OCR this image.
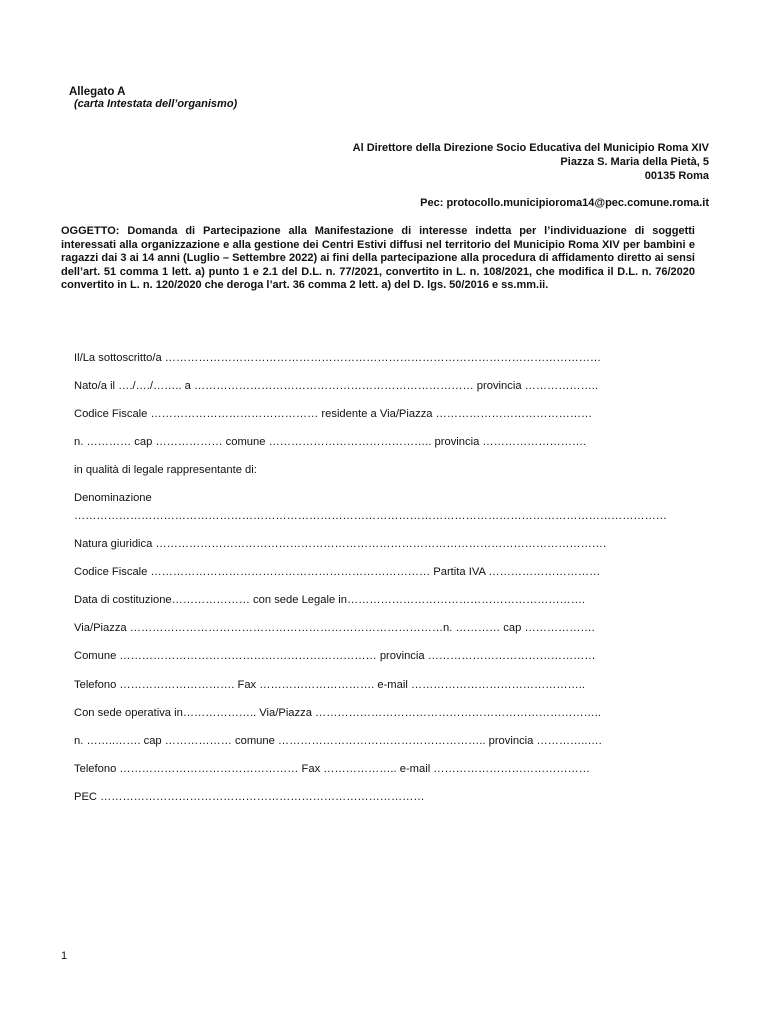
Allegato A
(carta Intestata dell’organismo)
Al Direttore della Direzione Socio Educativa del Municipio Roma XIV
Piazza S. Maria della Pietà, 5
00135 Roma
Pec: protocollo.municipioroma14@pec.comune.roma.it
OGGETTO: Domanda di Partecipazione alla Manifestazione di interesse indetta per l’individuazione di soggetti interessati alla organizzazione e alla gestione dei Centri Estivi diffusi nel territorio del Municipio Roma XIV per bambini e ragazzi dai 3 ai 14 anni (Luglio – Settembre 2022) ai fini della partecipazione alla procedura di affidamento diretto ai sensi dell’art. 51 comma 1 lett. a) punto 1 e 2.1 del D.L. n. 77/2021, convertito in L. n. 108/2021, che modifica il D.L. n. 76/2020 convertito in L. n. 120/2020 che deroga l’art. 36 comma 2 lett. a) del D. lgs. 50/2016 e ss.mm.ii.
Il/La sottoscritto/a ………………………………………………………………………………………………………
Nato/a il …./…./…….. a ………………………………………………………………… provincia ………………..
Codice Fiscale ……………………………………… residente a Via/Piazza ……………………………………
n. ………… cap ……………… comune …………………………………….. provincia ……………………….
in qualità di legale rappresentante di:
Denominazione
……………………………………………………………………………………………………………………………………………
Natura giuridica ………………………………………………………………………………………………………….
Codice Fiscale ………………………………………………………………… Partita IVA …………………………
Data di costituzione………………… con sede Legale in……………………………………………………….
Via/Piazza …………………………………………………………………………n. ………… cap ……………….
Comune …………………………………………………………… provincia ………………………………………
Telefono …………………………. Fax …………………………. e-mail ………………………………………..
Con sede operativa in……………….. Via/Piazza …………………………………………………………………..
n. ……..……. cap ……………… comune ……………………………………………….. provincia …………..….
Telefono ………………………………………… Fax ……………….. e-mail ……………………………………
PEC ……………………………………………………………………………
1
